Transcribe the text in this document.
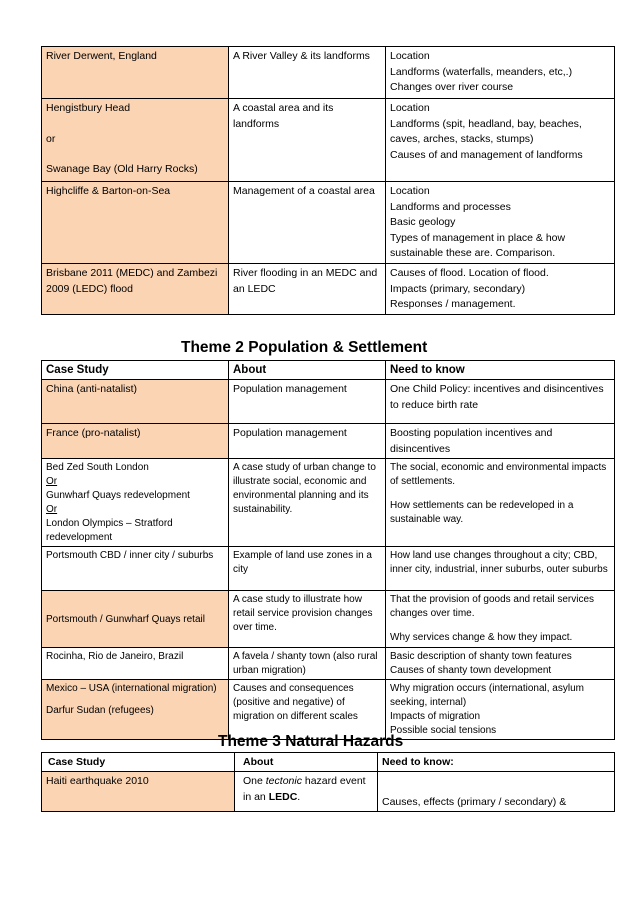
River Derwent, England	A River Valley & its landforms	Location
Landforms (waterfalls, meanders, etc,.)
Changes over river course

Hengistbury Head
or
Swanage Bay (Old Harry Rocks)	A coastal area and its landforms	Location
Landforms (spit, headland, bay, beaches, caves, arches, stacks, stumps)
Causes of and management of landforms

Highcliffe & Barton-on-Sea	Management of a coastal area	Location
Landforms and processes
Basic geology
Types of management in place & how sustainable these are. Comparison.

Brisbane 2011 (MEDC) and Zambezi 2009 (LEDC) flood	River flooding in an MEDC and an LEDC	Causes of flood. Location of flood.
Impacts (primary, secondary)
Responses / management.
Theme 2 Population & Settlement
Case Study	About	Need to know
China (anti-natalist)	Population management	One Child Policy: incentives and disincentives to reduce birth rate
France (pro-natalist)	Population management	Boosting population incentives and disincentives

Bed Zed South London
Or
Gunwharf Quays redevelopment
Or
London Olympics – Stratford redevelopment	A case study of urban change to illustrate social, economic and environmental planning and its sustainability.	The social, economic and environmental impacts of settlements.
How settlements can be redeveloped in a sustainable way.

Portsmouth CBD / inner city / suburbs	Example of land use zones in a city	How land use changes throughout a city; CBD, inner city, industrial, inner suburbs, outer suburbs
Portsmouth / Gunwharf Quays retail	A case study to illustrate how retail service provision changes over time.	That the provision of goods and retail services changes over time.
Why services change & how they impact.

Rocinha, Rio de Janeiro, Brazil	A favela / shanty town (also rural urban migration)	Basic description of shanty town features
Causes of shanty town development

Mexico – USA (international migration)
Darfur Sudan (refugees)	Causes and consequences (positive and negative) of migration on different scales	Why migration occurs (international, asylum seeking, internal)
Impacts of migration
Possible social tensions
Theme 3 Natural Hazards
Case Study	About	Need to know:
Haiti earthquake 2010	One tectonic hazard event in an LEDC.	Causes, effects (primary / secondary) &
